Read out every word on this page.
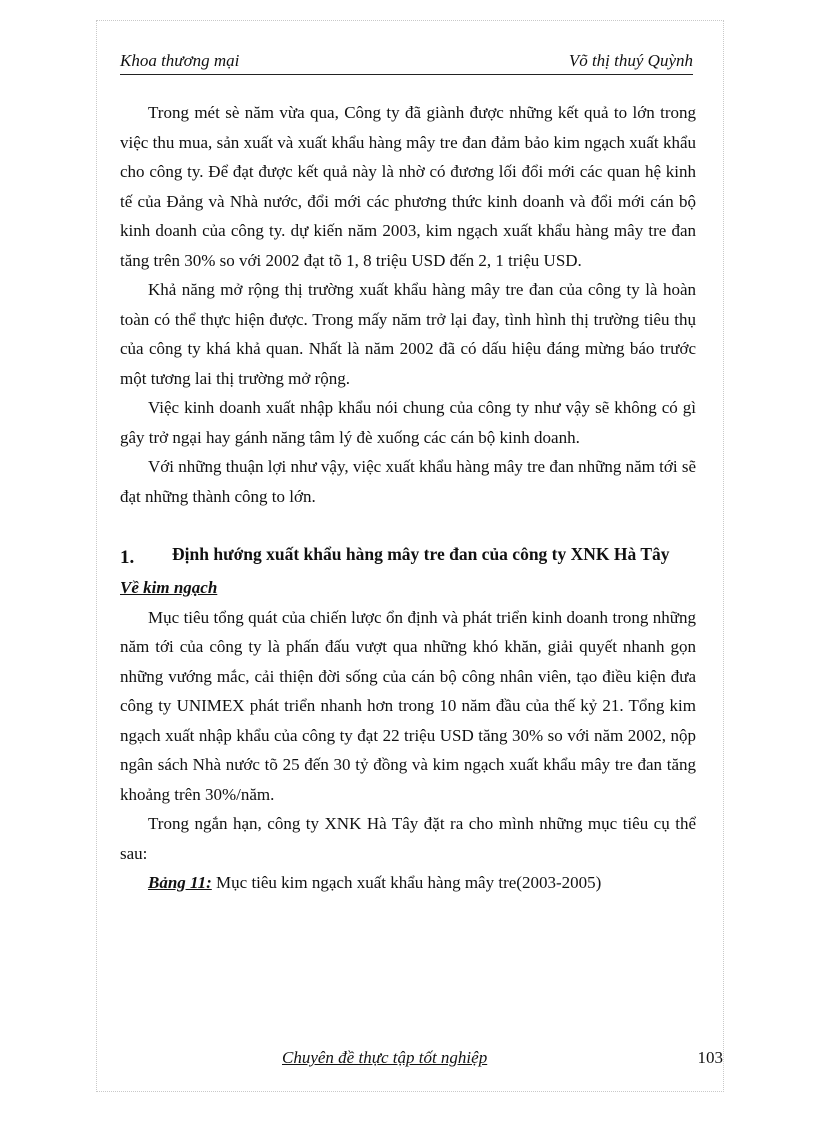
Khoa thương mại	Võ thị thuý Quỳnh

Trong mét sè năm vừa qua, Công ty đã giành được những kết quả to lớn trong việc thu mua, sản xuất và xuất khẩu hàng mây tre đan đảm bảo kim ngạch xuất khẩu cho công ty. Để đạt được kết quả này là nhờ có đương lối đổi mới các quan hệ kinh tế của Đảng và Nhà nước, đổi mới các phương thức kinh doanh và đổi mới cán bộ kinh doanh của công ty. dự kiến năm 2003, kim ngạch xuất khẩu hàng mây tre đan tăng trên 30% so với 2002 đạt tõ 1, 8 triệu USD đến 2, 1 triệu USD.

Khả năng mở rộng thị trường xuất khẩu hàng mây tre đan của công ty là hoàn toàn có thể thực hiện được. Trong mấy năm trở lại đay, tình hình thị trường tiêu thụ của công ty khá khả quan. Nhất là năm 2002 đã có dấu hiệu đáng mừng báo trước một tương lai thị trường mở rộng.

Việc kinh doanh xuất nhập khẩu nói chung của công ty như vậy sẽ không có gì gây trở ngại hay gánh năng tâm lý đè xuống các cán bộ kinh doanh.

Với những thuận lợi như vậy, việc xuất khẩu hàng mây tre đan những năm tới sẽ đạt những thành công to lớn.

1.	Định hướng xuất khẩu hàng mây tre đan của công ty XNK Hà Tây

Về kim ngạch

Mục tiêu tổng quát của chiến lược ổn định và phát triển kinh doanh trong những năm tới của công ty là phấn đấu vượt qua những khó khăn, giải quyết nhanh gọn những vướng mắc, cải thiện đời sống của cán bộ công nhân viên, tạo điều kiện đưa công ty UNIMEX phát triển nhanh hơn trong 10 năm đầu của thế kỷ 21. Tổng kim ngạch xuất nhập khẩu của công ty đạt 22 triệu USD tăng 30% so với năm 2002, nộp ngân sách Nhà nước tõ 25 đến 30 tỷ đồng và kim ngạch xuất khẩu mây tre đan tăng khoảng trên 30%/năm.

Trong ngắn hạn, công ty XNK Hà Tây đặt ra cho mình những mục tiêu cụ thể sau:

Bảng 11: Mục tiêu kim ngạch xuất khẩu hàng mây tre(2003-2005)

Chuyên đề thực tập tốt nghiệp	103
